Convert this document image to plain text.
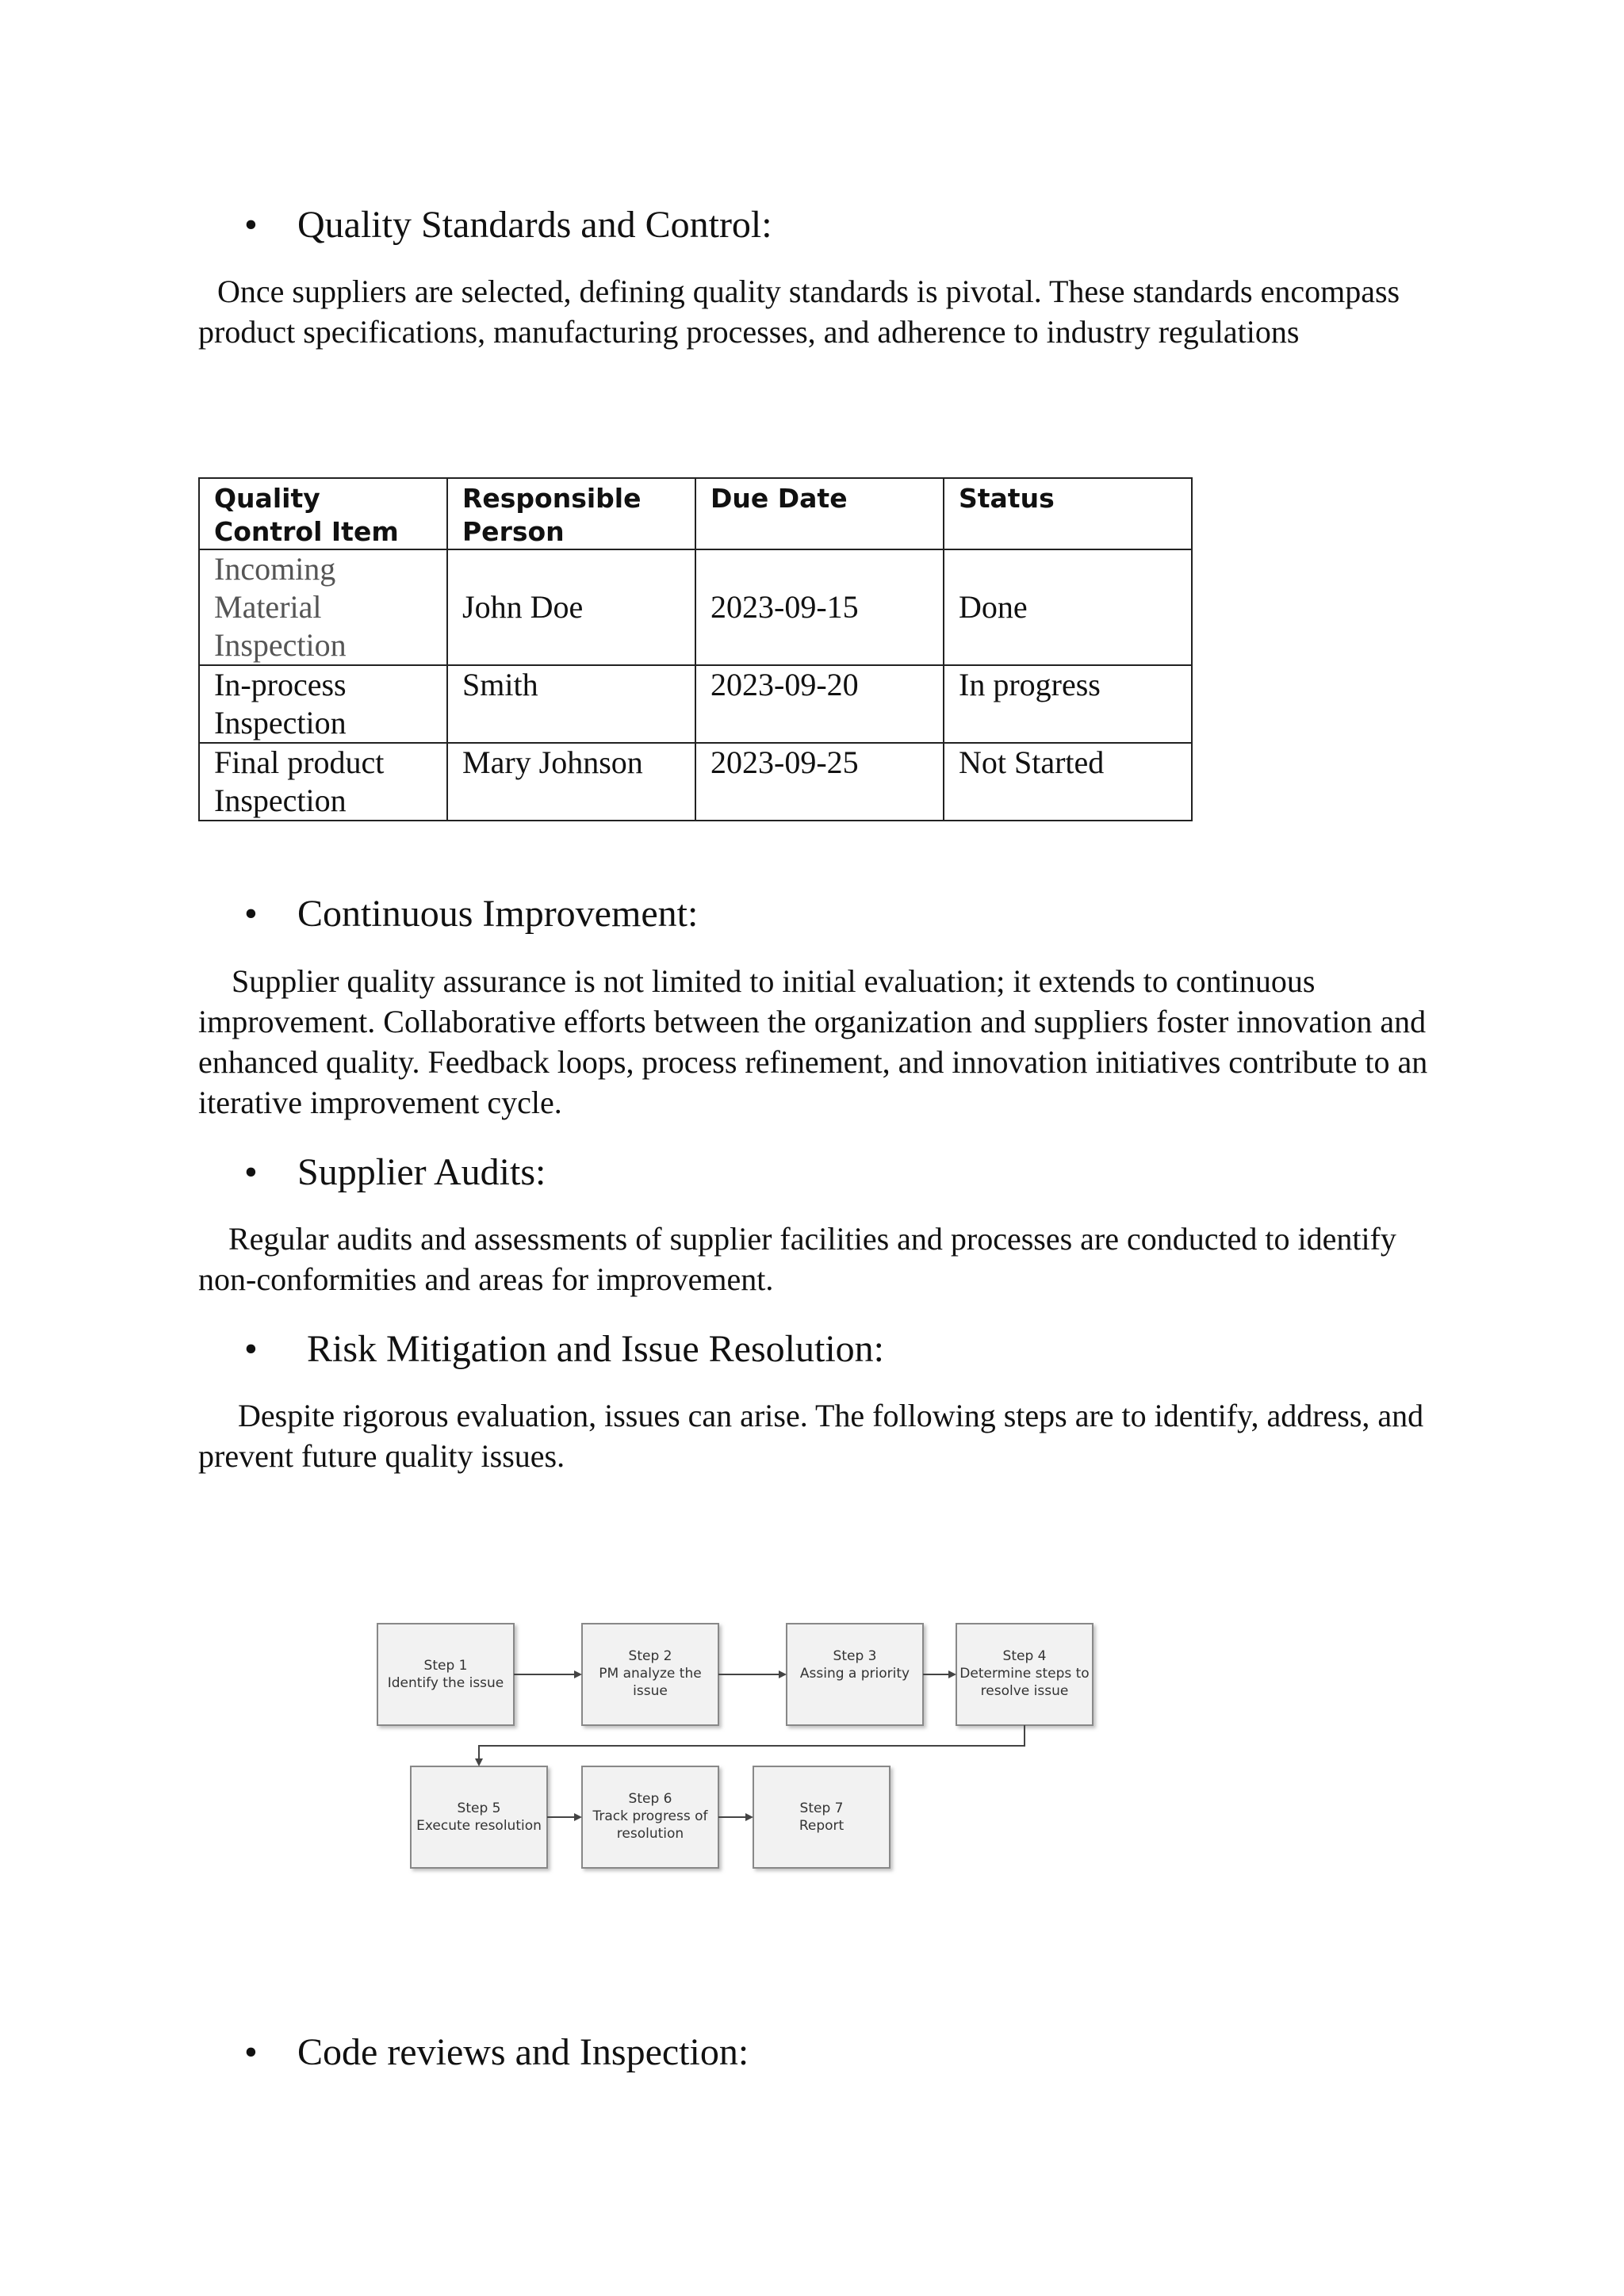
• Quality Standards and Control:
Once suppliers are selected, defining quality standards is pivotal. These standards encompass product specifications, manufacturing processes, and adherence to industry regulations
Quality Control Item	Responsible Person	Due Date	Status
Incoming Material Inspection	John Doe	2023-09-15	Done
In-process Inspection	Smith	2023-09-20	In progress
Final product Inspection	Mary Johnson	2023-09-25	Not Started
• Continuous Improvement:
Supplier quality assurance is not limited to initial evaluation; it extends to continuous improvement. Collaborative efforts between the organization and suppliers foster innovation and enhanced quality. Feedback loops, process refinement, and innovation initiatives contribute to an iterative improvement cycle.
• Supplier Audits:
Regular audits and assessments of supplier facilities and processes are conducted to identify non-conformities and areas for improvement.
• Risk Mitigation and Issue Resolution:
Despite rigorous evaluation, issues can arise. The following steps are to identify, address, and prevent future quality issues.
Step 1
Identify the issue
Step 2
PM analyze the
issue
Step 3
Assing a priority
Step 4
Determine steps to
resolve issue
Step 5
Execute resolution
Step 6
Track progress of
resolution
Step 7
Report
• Code reviews and Inspection:
